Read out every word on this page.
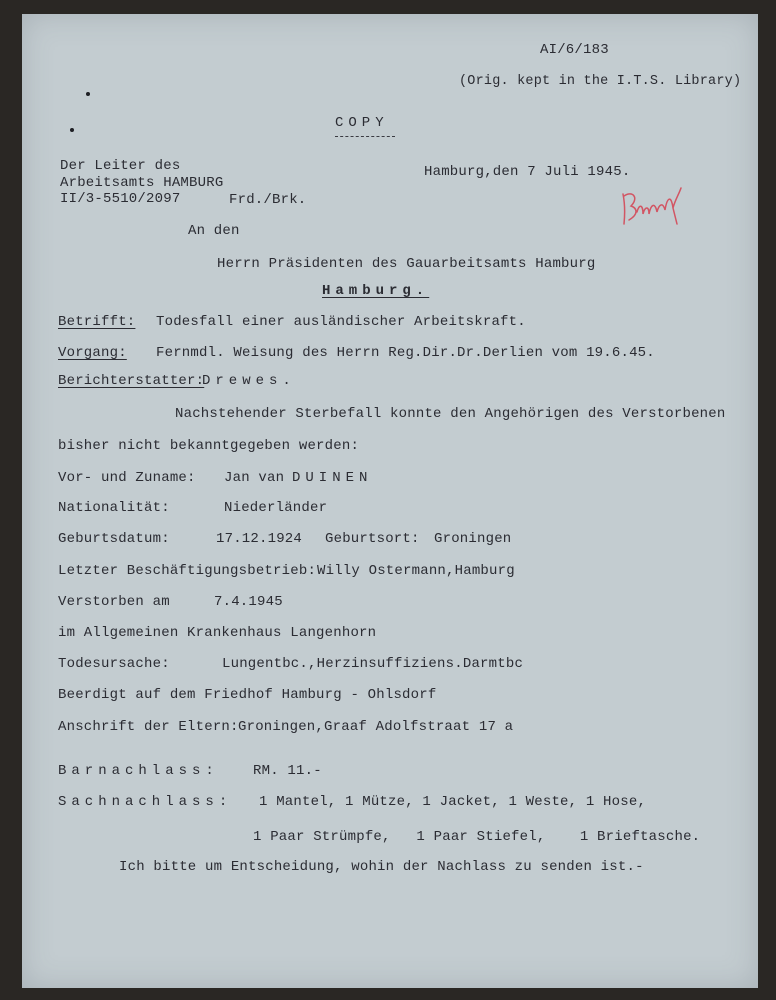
AI/6/183
(Orig. kept in the I.T.S. Library)
COPY
Der Leiter des
Arbeitsamts HAMBURG
II/3-5510/2097
Hamburg,den 7 Juli 1945.
Frd./Brk.
An den
Herrn Präsidenten des Gauarbeitsamts Hamburg
Hamburg.
Betrifft: Todesfall einer ausländischer Arbeitskraft.
Vorgang: Fernmdl. Weisung des Herrn Reg.Dir.Dr.Derlien vom 19.6.45.
Berichterstatter:
Drewes.
Nachstehender Sterbefall konnte den Angehörigen des Verstorbenen
bisher nicht bekanntgegeben werden:
Vor- und Zuname: Jan van DUINEN
Nationalität:	Niederländer
Geburtsdatum:	17.12.1924 Geburtsort: Groningen
Letzter Beschäftigungsbetrieb: Willy Ostermann,Hamburg
Verstorben am	7.4.1945
im Allgemeinen Krankenhaus Langenhorn
Todesursache:	Lungentbc.,Herzinsuffiziens.Darmtbc
Beerdigt auf dem Friedhof Hamburg - Ohlsdorf
Anschrift der Eltern: Groningen,Graaf Adolfstraat 17 a
Barnachlass: RM. 11.-
Sachnachlass: 1 Mantel, 1 Mütze, 1 Jacket, 1 Weste, 1 Hose,
1 Paar Strümpfe,   1 Paar Stiefel,    1 Brieftasche.
Ich bitte um Entscheidung, wohin der Nachlass zu senden ist.-
